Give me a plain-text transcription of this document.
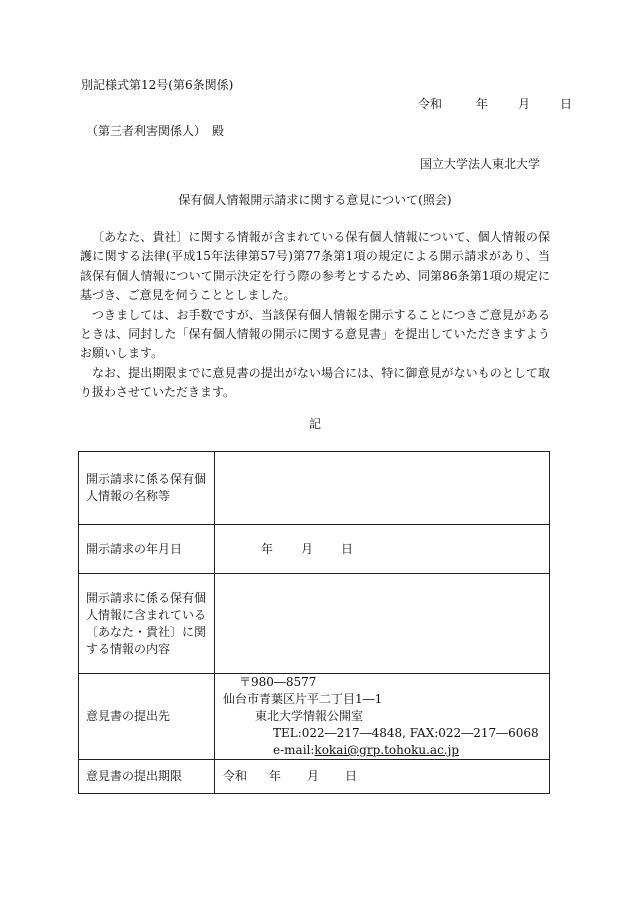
別記様式第12号(第6条関係)
令和	年	月	日
（第三者利害関係人）　殿
国立大学法人東北大学
保有個人情報開示請求に関する意見について(照会)

〔あなた、貴社〕に関する情報が含まれている保有個人情報について、個人情報の保護に関する法律(平成15年法律第57号)第77条第1項の規定による開示請求があり、当該保有個人情報について開示決定を行う際の参考とするため、同第86条第1項の規定に基づき、ご意見を伺うこととしました。

つきましては、お手数ですが、当該保有個人情報を開示することにつきご意見があるときは、同封した「保有個人情報の開示に関する意見書」を提出していただきますようお願いします。

なお、提出期限までに意見書の提出がない場合には、特に御意見がないものとして取り扱わさせていただきます。

記
開示請求に係る保有個人情報の名称等	
開示請求の年月日	年 月 日
開示請求に係る保有個人情報に含まれている〔あなた・貴社〕に関する情報の内容	
意見書の提出先	〒980―8577
仙台市青葉区片平二丁目1―1
東北大学情報公開室
TEL:022―217―4848, FAX:022―217―6068
e-mail:kokai@grp.tohoku.ac.jp

意見書の提出期限	令和 年 月 日
